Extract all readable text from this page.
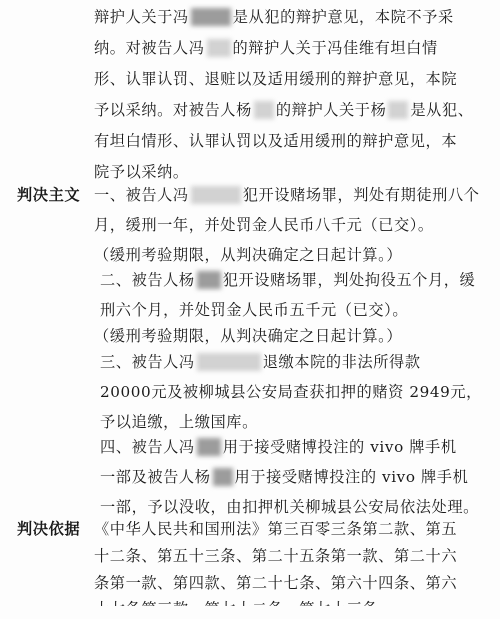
辩护人关于冯	是从犯的辩护意见，本院不予采
纳。对被告人冯 的辩护人关于冯佳维有坦白情
形、认罪认罚、退赃以及适用缓刑的辩护意见，本院
予以采纳。对被告人杨 的辩护人关于杨 是从犯、
有坦白情形、认罪认罚以及适用缓刑的辩护意见，本
院予以采纳。
判决主文 一、被告人冯	犯开设赌场罪，判处有期徒刑八个
月，缓刑一年，并处罚金人民币八千元（已交）。
（缓刑考验期限，从判决确定之日起计算。）
二、被告人杨 犯开设赌场罪，判处拘役五个月，缓
刑六个月，并处罚金人民币五千元（已交）。
（缓刑考验期限，从判决确定之日起计算。）
三、被告人冯	退缴本院的非法所得款
20000元及被柳城县公安局查获扣押的赌资 2949元，
予以追缴，上缴国库。
四、被告人冯 用于接受赌博投注的 vivo 牌手机
一部及被告人杨 用于接受赌博投注的 vivo 牌手机
一部，予以没收，由扣押机关柳城县公安局依法处理。
判决依据 《中华人民共和国刑法》第三百零三条第二款、第五
十二条、第五十三条、第二十五条第一款、第二十六
条第一款、第四款、第二十七条、第六十四条、第六
